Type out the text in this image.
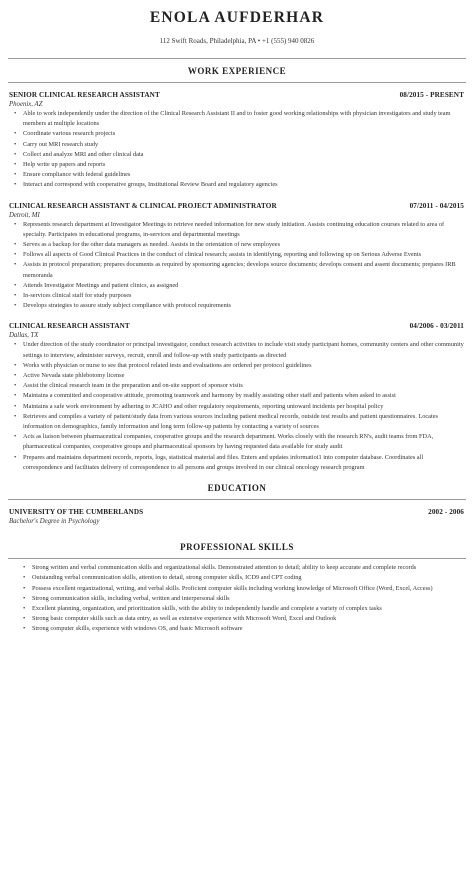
ENOLA AUFDERHAR
112 Swift Roads, Philadelphia, PA • +1 (555) 940 0826
WORK EXPERIENCE
SENIOR CLINICAL RESEARCH ASSISTANT	08/2015 - PRESENT
Phoenix, AZ
• Able to work independently under the direction of the Clinical Research Assistant II and to foster good working relationships with physician investigators and study team members at multiple locations
• Coordinate various research projects
• Carry out MRI research study
• Collect and analyze MRI and other clinical data
• Help write up papers and reports
• Ensure compliance with federal guidelines
• Interact and correspond with cooperative groups, Institutional Review Board and regulatory agencies
CLINICAL RESEARCH ASSISTANT & CLINICAL PROJECT ADMINISTRATOR	07/2011 - 04/2015
Detroit, MI
• Represents research department at Investigator Meetings to retrieve needed information for new study initiation. Assists continuing education courses related to area of specialty. Participates in educational programs, in-services and departmental meetings
• Serves as a backup for the other data managers as needed. Assists in the orientation of new employees
• Follows all aspects of Good Clinical Practices in the conduct of clinical research; assists in identifying, reporting and following up on Serious Adverse Events
• Assists in protocol preparation; prepares documents as required by sponsoring agencies; develops source documents; develops consent and assent documents; prepares IRB memoranda
• Attends Investigator Meetings and patient clinics, as assigned
• In-services clinical staff for study purposes
• Develops strategies to assure study subject compliance with protocol requirements
CLINICAL RESEARCH ASSISTANT	04/2006 - 03/2011
Dallas, TX
• Under direction of the study coordinator or principal investigator, conduct research activities to include visit study participant homes, community centers and other community settings to interview, administer surveys, recruit, enroll and follow-up with study participants as directed
• Works with physician or nurse to see that protocol related tests and evaluations are ordered per protocol guidelines
• Active Nevada state phlebotomy license
• Assist the clinical research team in the preparation and on-site support of sponsor visits
• Maintains a committed and cooperative attitude, promoting teamwork and harmony by readily assisting other staff and patients when asked to assist
• Maintains a safe work environment by adhering to JCAHO and other regulatory requirements, reporting untoward incidents per hospital policy
• Retrieves and compiles a variety of patient/study data from various sources including patient medical records, outside test results and patient questionnaires. Locates information on demographics, family information and long term follow-up patients by contacting a variety of sources
• Acts as liaison between pharmaceutical companies, cooperative groups and the research department. Works closely with the research RN's, audit teams from FDA, pharmaceutical companies, cooperative groups and pharmaceutical sponsors by having requested data available for study audit
• Prepares and maintains department records, reports, logs, statistical material and files. Enters and updates informatioi1 into computer database. Coordinates all correspondence and facilitates delivery of correspondence to all persons and groups involved in our clinical oncology research program
EDUCATION
UNIVERSITY OF THE CUMBERLANDS	2002 - 2006
Bachelor's Degree in Psychology
PROFESSIONAL SKILLS
• Strong written and verbal communication skills and organizational skills. Demonstrated attention to detail; ability to keep accurate and complete records
• Outstanding verbal communication skills, attention to detail, strong computer skills, ICD9 and CPT coding
• Possess excellent organizational, writing, and verbal skills. Proficient computer skills including working knowledge of Microsoft Office (Word, Excel, Access)
• Strong communication skills, including verbal, written and interpersonal skills
• Excellent planning, organization, and prioritization skills, with the ability to independently handle and complete a variety of complex tasks
• Strong basic computer skills such as data entry, as well as extensive experience with Microsoft Word, Excel and Outlook
• Strong computer skills, experience with windows OS, and basic Microsoft software
